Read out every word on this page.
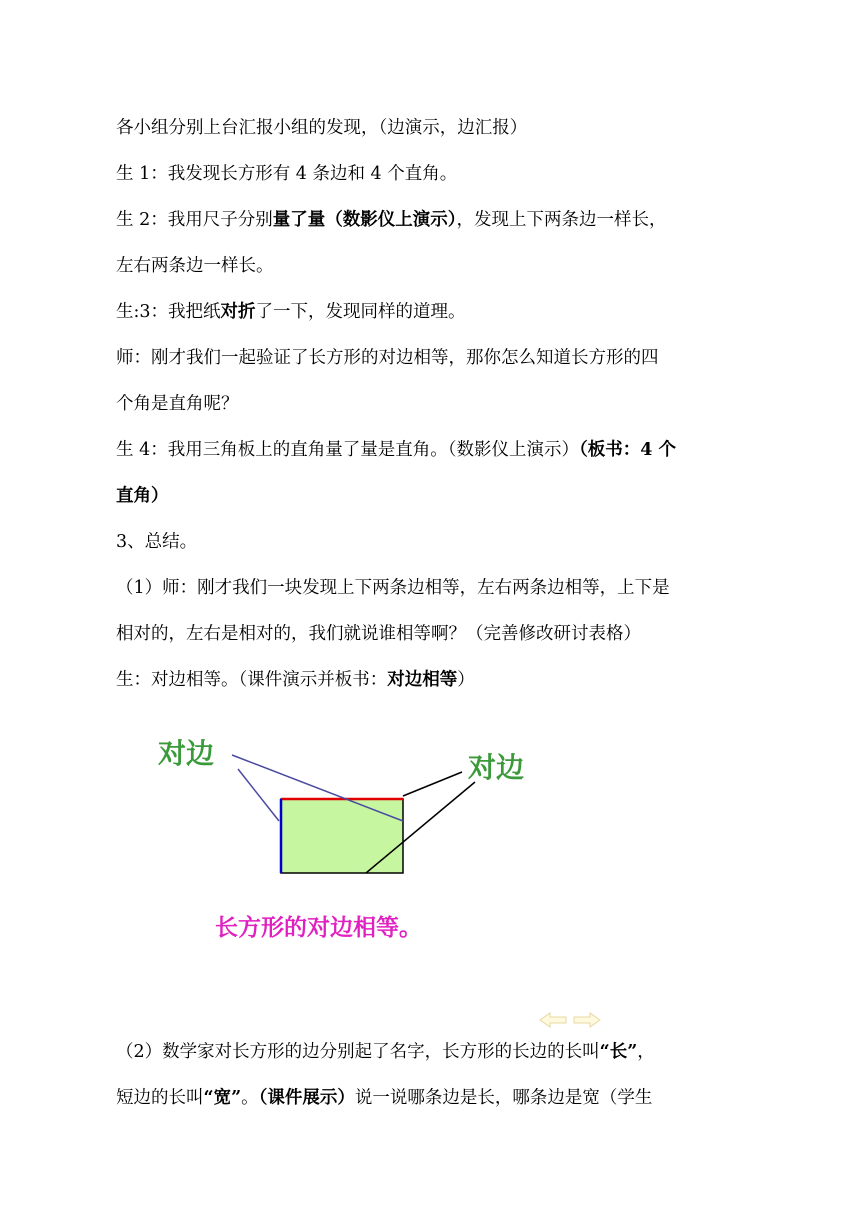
各小组分别上台汇报小组的发现，（边演示，边汇报）
生 1：我发现长方形有 4 条边和 4 个直角。
生 2：我用尺子分别量了量（数影仪上演示），发现上下两条边一样长，
左右两条边一样长。
生:3：我把纸对折了一下，发现同样的道理。
师：刚才我们一起验证了长方形的对边相等，那你怎么知道长方形的四
个角是直角呢？
生 4：我用三角板上的直角量了量是直角。（数影仪上演示）（板书：4 个
直角）
3、总结。
（1）师：刚才我们一块发现上下两条边相等，左右两条边相等，上下是
相对的，左右是相对的，我们就说谁相等啊？（完善修改研讨表格）
生：对边相等。（课件演示并板书：对边相等）
对边	对边
长方形的对边相等。
（2）数学家对长方形的边分别起了名字，长方形的长边的长叫“长”，
短边的长叫“宽”。（课件展示）说一说哪条边是长，哪条边是宽（学生
